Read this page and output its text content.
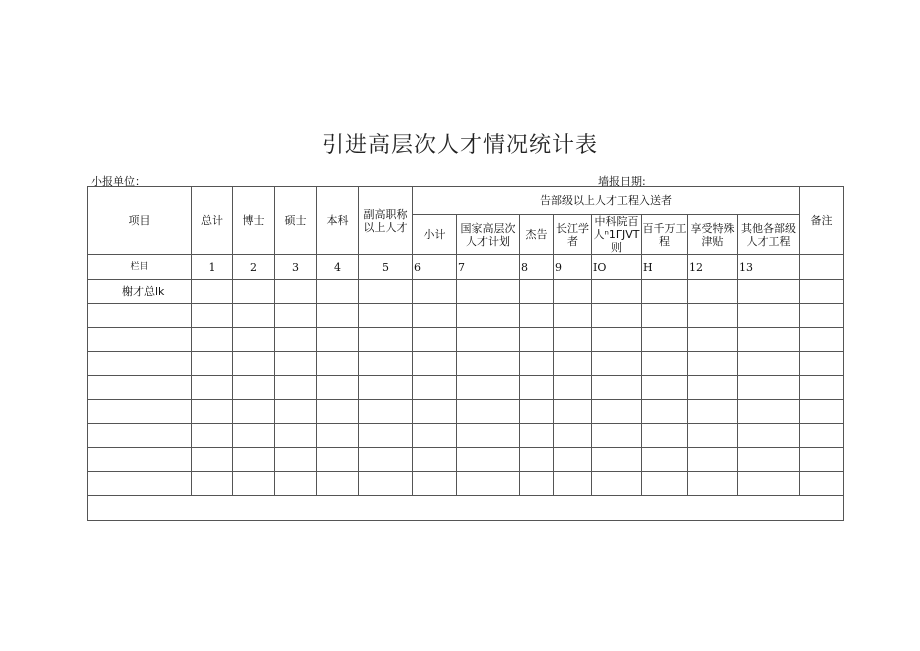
引进高层次人才情况统计表
小报单位：	墙报日期:
项目	总计	博士	硕士	本科	副高职称以上人才	告部级以上人才工程入送者								备注
						小计	国家高层次人才计划	杰告	长江学者	中科院百人ⁿ1ΓJVT则	百千万工程	享受特殊津贴	其他各部级人才工程	
栏目	1	2	3	4	5	6	7	8	9	IO	H	12	13	
榭才总lk														
